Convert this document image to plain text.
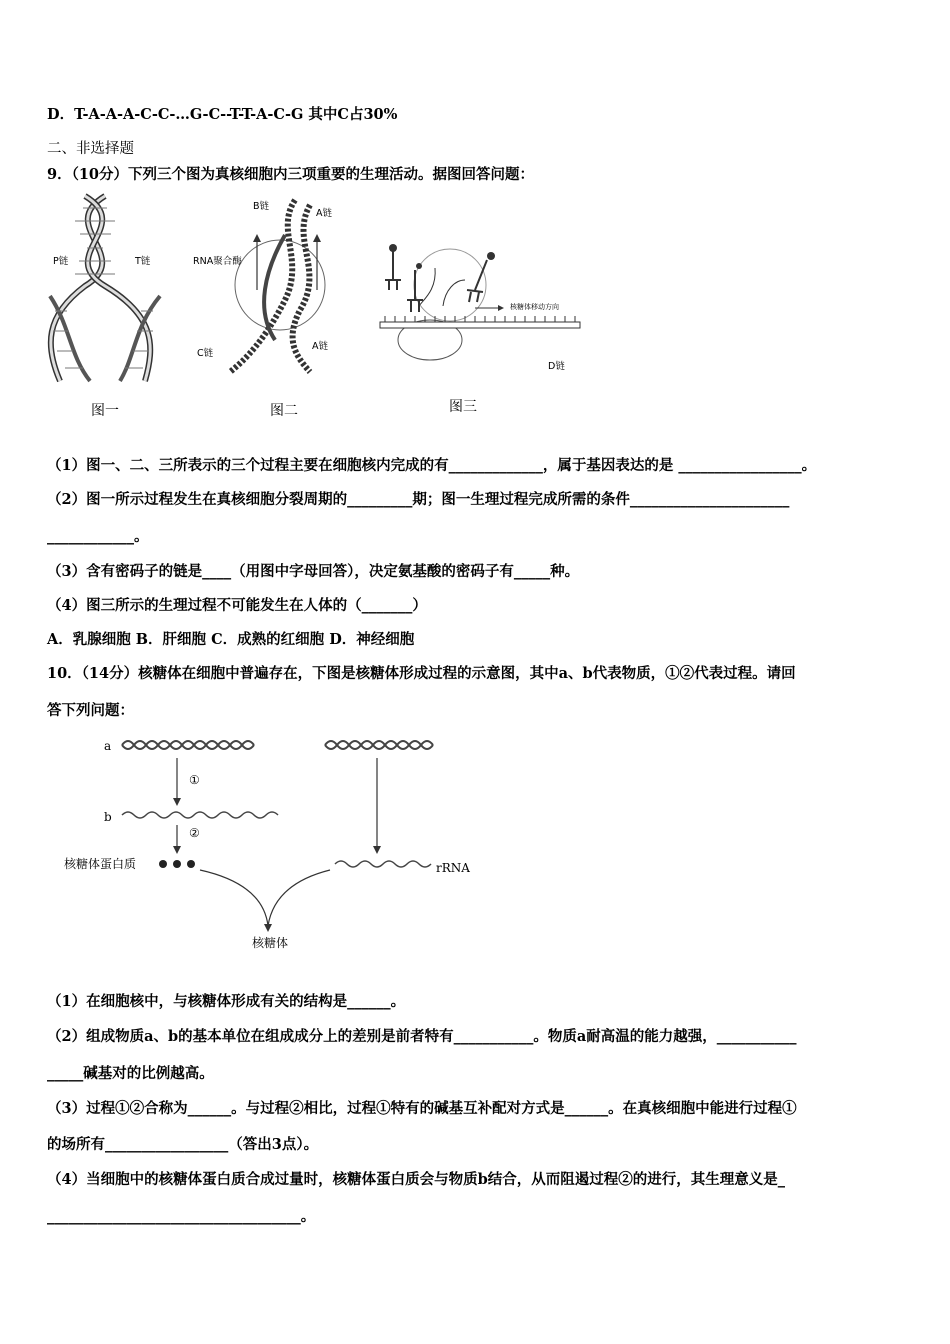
D．T-A-A-A-C-C-…G-C--T-T-A-C-G 其中C占30%
二、非选择题
9．（10分）下列三个图为真核细胞内三项重要的生理活动。据图回答问题：
P链	T链
图一
B链
A链
RNA聚合酶
C链
A链
图二
核糖体移动方向
D链
图三
（1）图一、二、三所表示的三个过程主要在细胞核内完成的有_____________，属于基因表达的是 _________________。
（2）图一所示过程发生在真核细胞分裂周期的_________期；图一生理过程完成所需的条件______________________
____________。
（3）含有密码子的链是____（用图中字母回答），决定氨基酸的密码子有_____种。
（4）图三所示的生理过程不可能发生在人体的（_______）
A．乳腺细胞 B．肝细胞 C．成熟的红细胞 D．神经细胞
10．（14分）核糖体在细胞中普遍存在，下图是核糖体形成过程的示意图，其中a、b代表物质，①②代表过程。请回
答下列问题：
a
①
b
②
核糖体蛋白质	rRNA
核糖体
（1）在细胞核中，与核糖体形成有关的结构是______。
（2）组成物质a、b的基本单位在组成成分上的差别是前者特有___________。物质a耐高温的能力越强，___________
_____碱基对的比例越高。
（3）过程①②合称为______。与过程②相比，过程①特有的碱基互补配对方式是______。在真核细胞中能进行过程①
的场所有_________________（答出3点）。
（4）当细胞中的核糖体蛋白质合成过量时，核糖体蛋白质会与物质b结合，从而阻遏过程②的进行，其生理意义是_
___________________________________。
